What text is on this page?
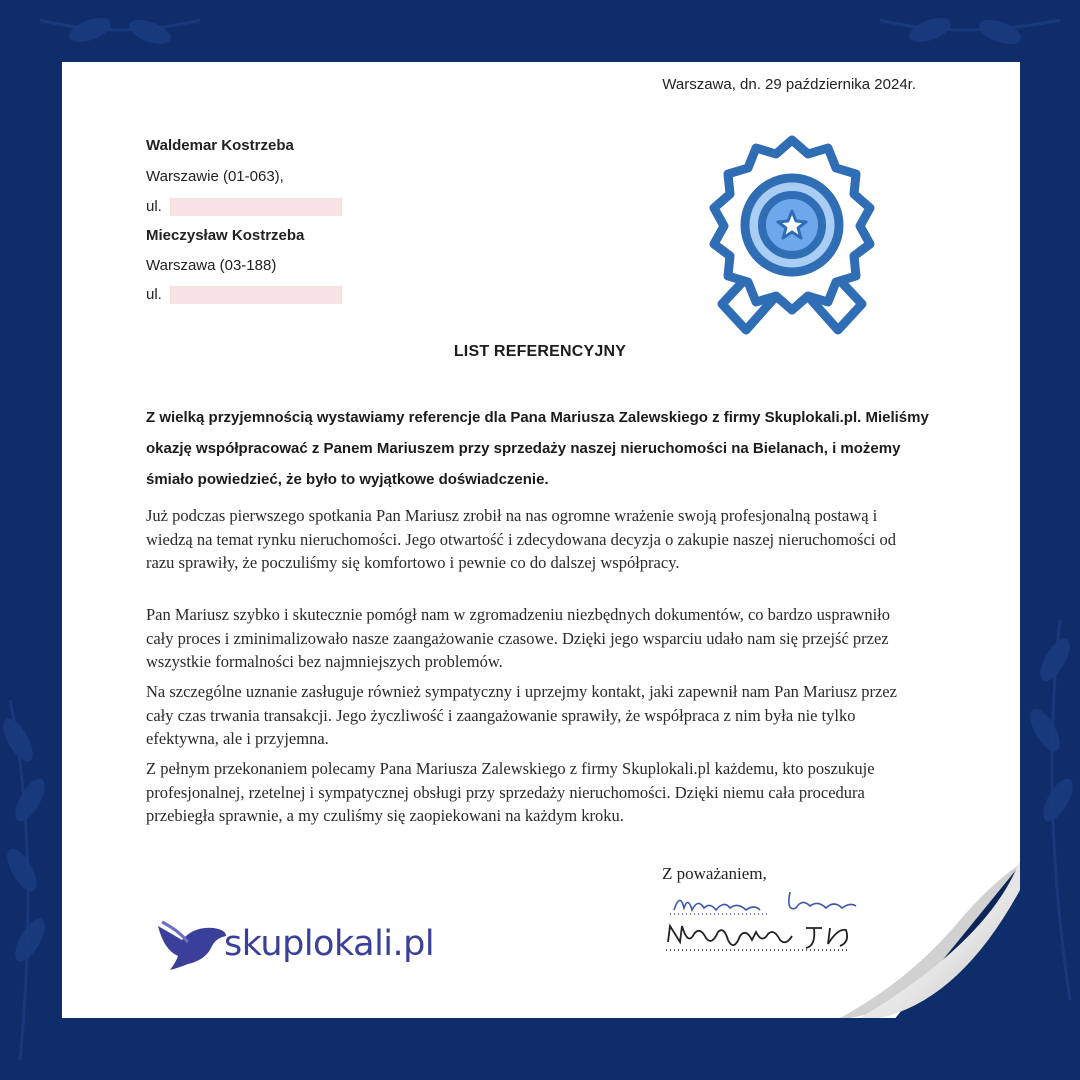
Warszawa, dn. 29 października 2024r.
Waldemar Kostrzeba
Warszawie (01-063),
ul.
Mieczysław Kostrzeba
Warszawa (03-188)
ul.
LIST REFERENCYJNY
Z wielką przyjemnością wystawiamy referencje dla Pana Mariusza Zalewskiego z firmy Skuplokali.pl. Mieliśmy okazję współpracować z Panem Mariuszem przy sprzedaży naszej nieruchomości na Bielanach, i możemy śmiało powiedzieć, że było to wyjątkowe doświadczenie.
Już podczas pierwszego spotkania Pan Mariusz zrobił na nas ogromne wrażenie swoją profesjonalną postawą i wiedzą na temat rynku nieruchomości. Jego otwartość i zdecydowana decyzja o zakupie naszej nieruchomości od razu sprawiły, że poczuliśmy się komfortowo i pewnie co do dalszej współpracy.
Pan Mariusz szybko i skutecznie pomógł nam w zgromadzeniu niezbędnych dokumentów, co bardzo usprawniło cały proces i zminimalizowało nasze zaangażowanie czasowe. Dzięki jego wsparciu udało nam się przejść przez wszystkie formalności bez najmniejszych problemów.
Na szczególne uznanie zasługuje również sympatyczny i uprzejmy kontakt, jaki zapewnił nam Pan Mariusz przez cały czas trwania transakcji. Jego życzliwość i zaangażowanie sprawiły, że współpraca z nim była nie tylko efektywna, ale i przyjemna.
Z pełnym przekonaniem polecamy Pana Mariusza Zalewskiego z firmy Skuplokali.pl każdemu, kto poszukuje profesjonalnej, rzetelnej i sympatycznej obsługi przy sprzedaży nieruchomości. Dzięki niemu cała procedura przebiegła sprawnie, a my czuliśmy się zaopiekowani na każdym kroku.
Z poważaniem,
skuplokali.pl
